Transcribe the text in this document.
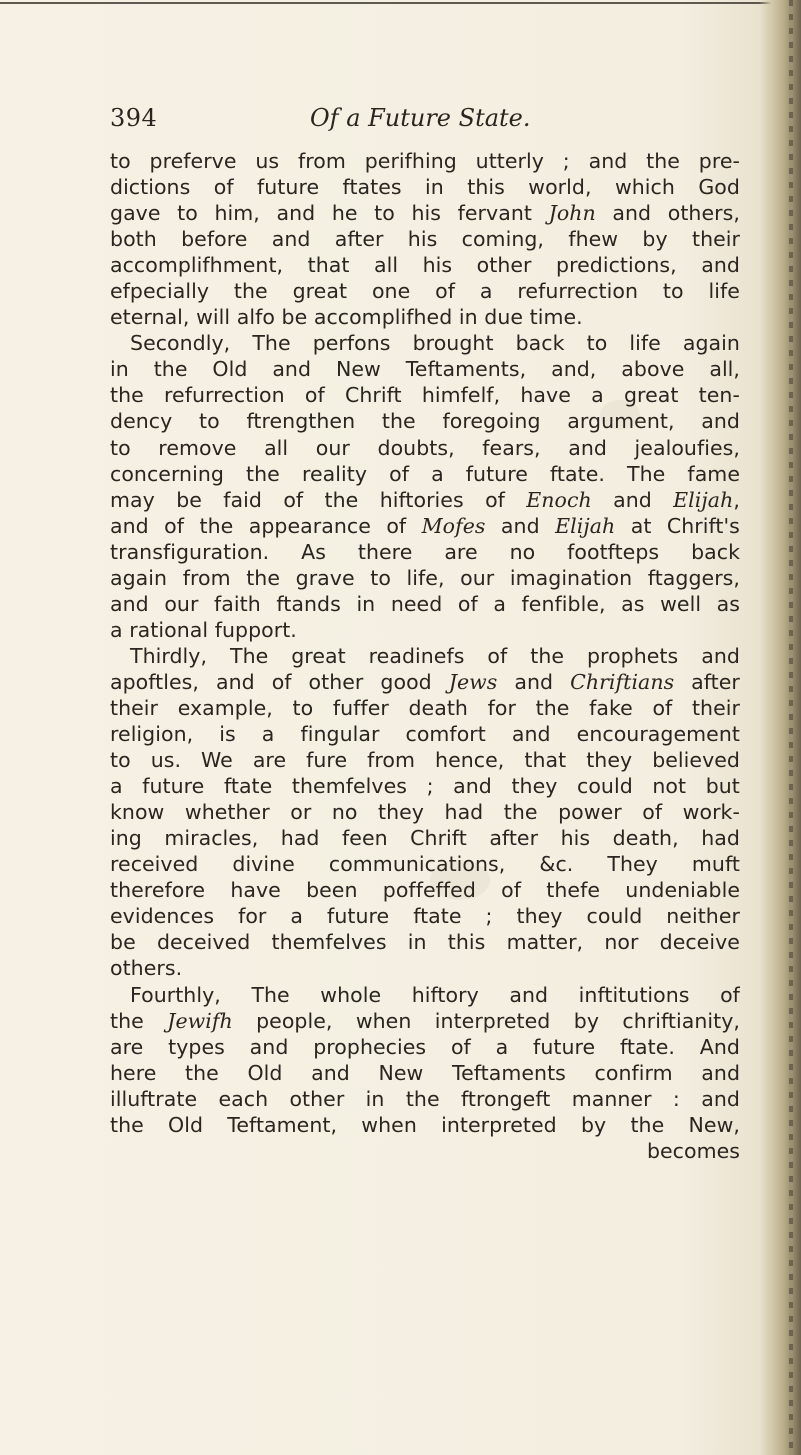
394	Of a Future State.
to preferve us from perifhing utterly ; and the pre-
dictions of future ftates in this world, which God
gave to him, and he to his fervant John and others,
both before and after his coming, fhew by their
accomplifhment, that all his other predictions, and
efpecially the great one of a refurrection to life
eternal, will alfo be accomplifhed in due time.
Secondly, The perfons brought back to life again
in the Old and New Teftaments, and, above all,
the refurrection of Chrift himfelf, have a great ten-
dency to ftrengthen the foregoing argument, and
to remove all our doubts, fears, and jealoufies,
concerning the reality of a future ftate. The fame
may be faid of the hiftories of Enoch and Elijah,
and of the appearance of Mofes and Elijah at Chrift's
transfiguration. As there are no footfteps back
again from the grave to life, our imagination ftaggers,
and our faith ftands in need of a fenfible, as well as
a rational fupport.
Thirdly, The great readinefs of the prophets and
apoftles, and of other good Jews and Chriftians after
their example, to fuffer death for the fake of their
religion, is a fingular comfort and encouragement
to us. We are fure from hence, that they believed
a future ftate themfelves ; and they could not but
know whether or no they had the power of work-
ing miracles, had feen Chrift after his death, had
received divine communications, &c. They muft
therefore have been poffeffed of thefe undeniable
evidences for a future ftate ; they could neither
be deceived themfelves in this matter, nor deceive
others.
Fourthly, The whole hiftory and inftitutions of
the Jewifh people, when interpreted by chriftianity,
are types and prophecies of a future ftate. And
here the Old and New Teftaments confirm and
illuftrate each other in the ftrongeft manner : and
the Old Teftament, when interpreted by the New,
becomes
